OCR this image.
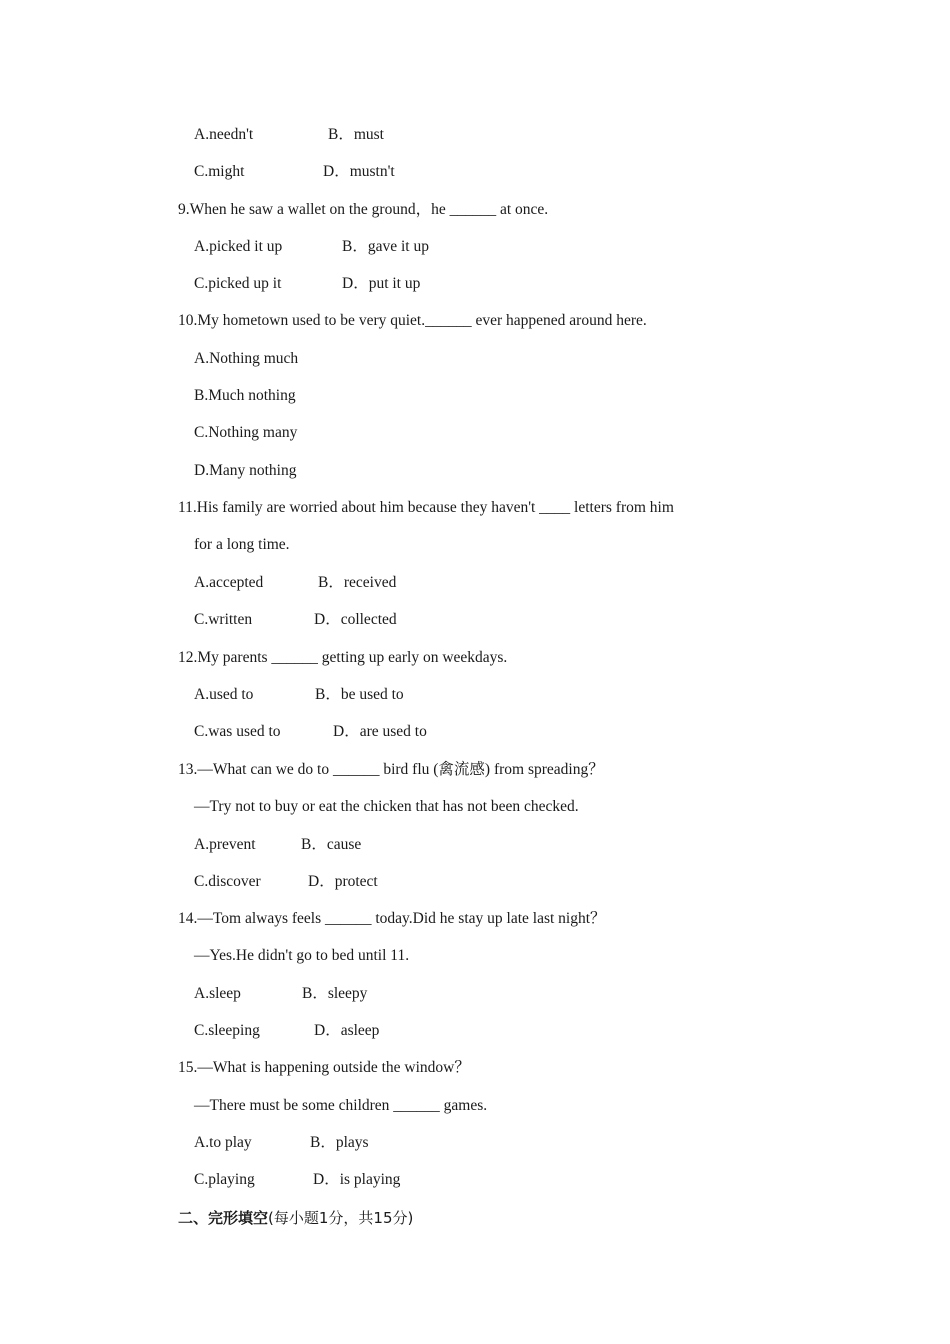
A.needn't	B．must
C.might	D．mustn't
9.When he saw a wallet on the ground，he ______ at once.
A.picked it up	B．gave it up
C.picked up it	D．put it up
10.My hometown used to be very quiet.______ ever happened around here.
A.Nothing much
B.Much nothing
C.Nothing many
D.Many nothing
11.His family are worried about him because they haven't ____ letters from him
for a long time.
A.accepted	B．received
C.written	D．collected
12.My parents ______ getting up early on weekdays.
A.used to	B．be used to
C.was used to	D．are used to
13.—What can we do to ______ bird flu (禽流感) from spreading？
—Try not to buy or eat the chicken that has not been checked.
A.prevent	B．cause
C.discover	D．protect
14.—Tom always feels ______ today.Did he stay up late last night？
—Yes.He didn't go to bed until 11.
A.sleep	B．sleepy
C.sleeping	D．asleep
15.—What is happening outside the window？
—There must be some children ______ games.
A.to play	B．plays
C.playing	D．is playing
二、完形填空(每小题1分，共15分)
